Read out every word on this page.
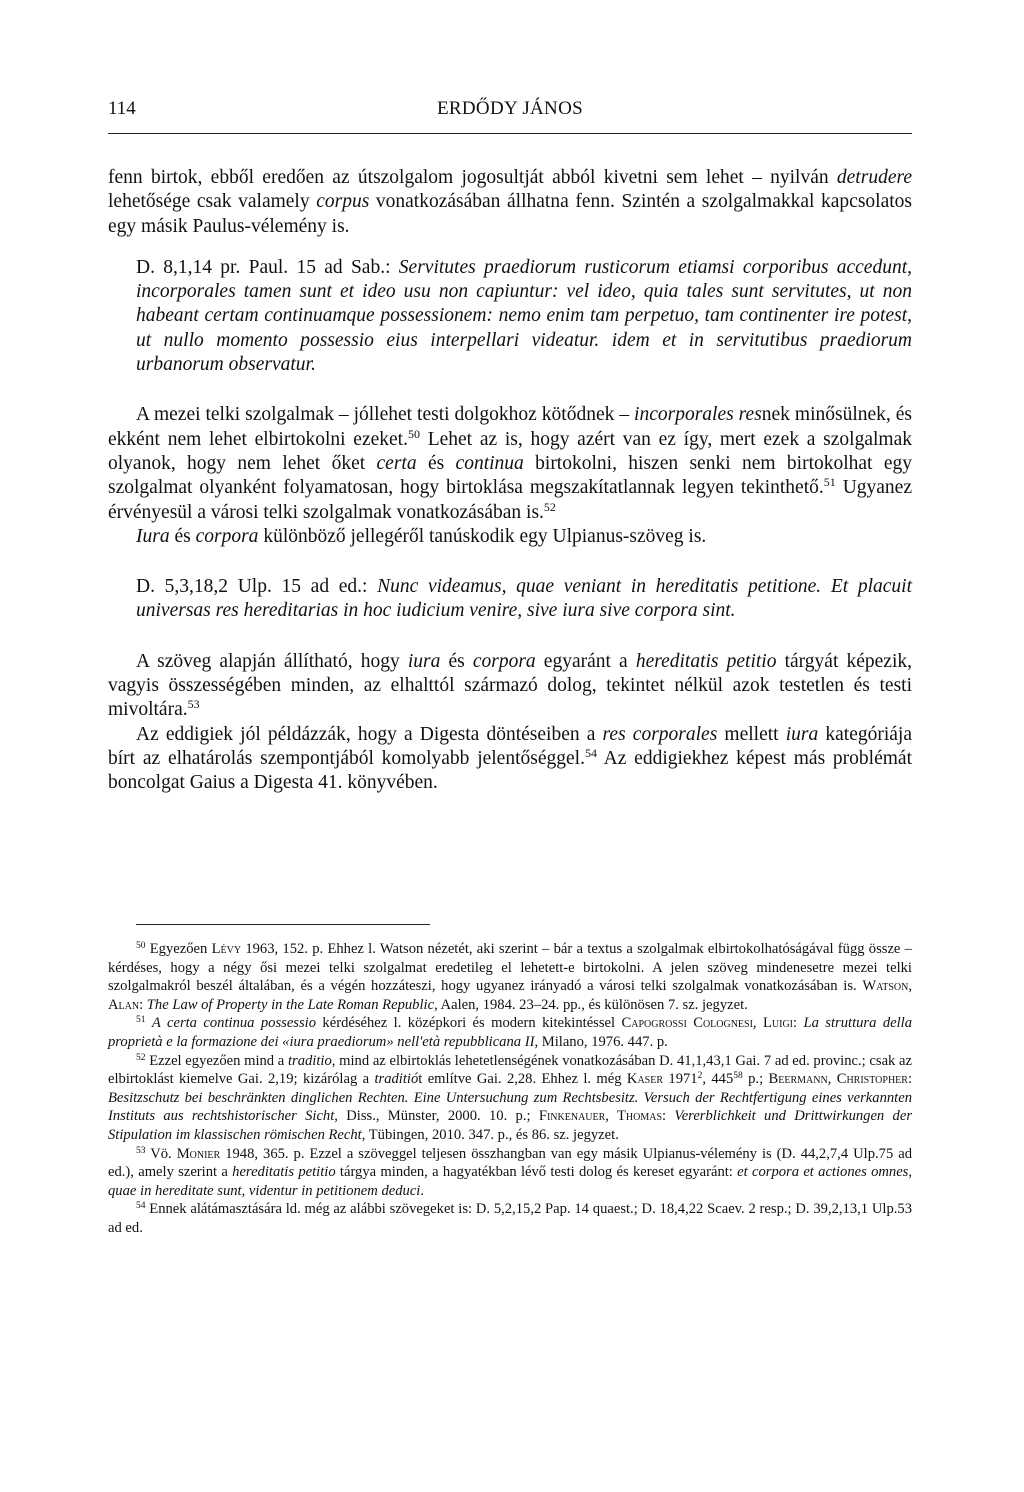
114	ERDŐDY JÁNOS

fenn birtok, ebből eredően az útszolgalom jogosultját abból kivetni sem lehet – nyilván detrudere lehetősége csak valamely corpus vonatkozásában állhatna fenn. Szintén a szolgalmakkal kapcsolatos egy másik Paulus-vélemény is.

D. 8,1,14 pr. Paul. 15 ad Sab.: Servitutes praediorum rusticorum etiamsi corporibus accedunt, incorporales tamen sunt et ideo usu non capiuntur: vel ideo, quia tales sunt servitutes, ut non habeant certam continuamque possessionem: nemo enim tam perpetuo, tam continenter ire potest, ut nullo momento possessio eius interpellari videatur. idem et in servitutibus praediorum urbanorum observatur.

A mezei telki szolgalmak – jóllehet testi dolgokhoz kötődnek – incorporales resnek minősülnek, és ekként nem lehet elbirtokolni ezeket.$^{50}$ Lehet az is, hogy azért van ez így, mert ezek a szolgalmak olyanok, hogy nem lehet őket certa és continua birtokolni, hiszen senki nem birtokolhat egy szolgalmat olyanként folyamatosan, hogy birtoklása megszakítatlannak legyen tekinthető.$^{51}$ Ugyanez érvényesül a városi telki szolgalmak vonatkozásában is.$^{52}$

Iura és corpora különböző jellegéről tanúskodik egy Ulpianus-szöveg is.

D. 5,3,18,2 Ulp. 15 ad ed.: Nunc videamus, quae veniant in hereditatis petitione. Et placuit universas res hereditarias in hoc iudicium venire, sive iura sive corpora sint.

A szöveg alapján állítható, hogy iura és corpora egyaránt a hereditatis petitio tárgyát képezik, vagyis összességében minden, az elhalttól származó dolog, tekintet nélkül azok testetlen és testi mivoltára.$^{53}$

Az eddigiek jól példázzák, hogy a Digesta döntéseiben a res corporales mellett iura kategóriája bírt az elhatárolás szempontjából komolyabb jelentőséggel.$^{54}$ Az eddigiekhez képest más problémát boncolgat Gaius a Digesta 41. könyvében.

$^{50}$ Egyezően Lévy 1963, 152. p. Ehhez l. Watson nézetét, aki szerint – bár a textus a szolgalmak elbirtokolhatóságával függ össze – kérdéses, hogy a négy ősi mezei telki szolgalmat eredetileg el lehetett-e birtokolni. A jelen szöveg mindenesetre mezei telki szolgalmakról beszél általában, és a végén hozzáteszi, hogy ugyanez irányadó a városi telki szolgalmak vonatkozásában is. Watson, Alan: The Law of Property in the Late Roman Republic, Aalen, 1984. 23–24. pp., és különösen 7. sz. jegyzet.

$^{51}$ A certa continua possessio kérdéséhez l. középkori és modern kitekintéssel Capogrossi Colognesi, Luigi: La struttura della proprietà e la formazione dei «iura praediorum» nell'età repubblicana II, Milano, 1976. 447. p.

$^{52}$ Ezzel egyezően mind a traditio, mind az elbirtoklás lehetetlenségének vonatkozásában D. 41,1,43,1 Gai. 7 ad ed. provinc.; csak az elbirtoklást kiemelve Gai. 2,19; kizárólag a traditiót említve Gai. 2,28. Ehhez l. még Kaser 1971$^2$, $445^{58}$ p.; Beermann, Christopher: Besitzschutz bei beschränkten dinglichen Rechten. Eine Untersuchung zum Rechtsbesitz. Versuch der Rechtfertigung eines verkannten Instituts aus rechtshistorischer Sicht, Diss., Münster, 2000. 10. p.; Finkenauer, Thomas: Vererblichkeit und Drittwirkungen der Stipulation im klassischen römischen Recht, Tübingen, 2010. 347. p., és 86. sz. jegyzet.

$^{53}$ Vö. Monier 1948, 365. p. Ezzel a szöveggel teljesen összhangban van egy másik Ulpianus-vélemény is (D. 44,2,7,4 Ulp.75 ad ed.), amely szerint a hereditatis petitio tárgya minden, a hagyatékban lévő testi dolog és kereset egyaránt: et corpora et actiones omnes, quae in hereditate sunt, videntur in petitionem deduci.

$^{54}$ Ennek alátámasztására ld. még az alábbi szövegeket is: D. 5,2,15,2 Pap. 14 quaest.; D. 18,4,22 Scaev. 2 resp.; D. 39,2,13,1 Ulp.53 ad ed.
